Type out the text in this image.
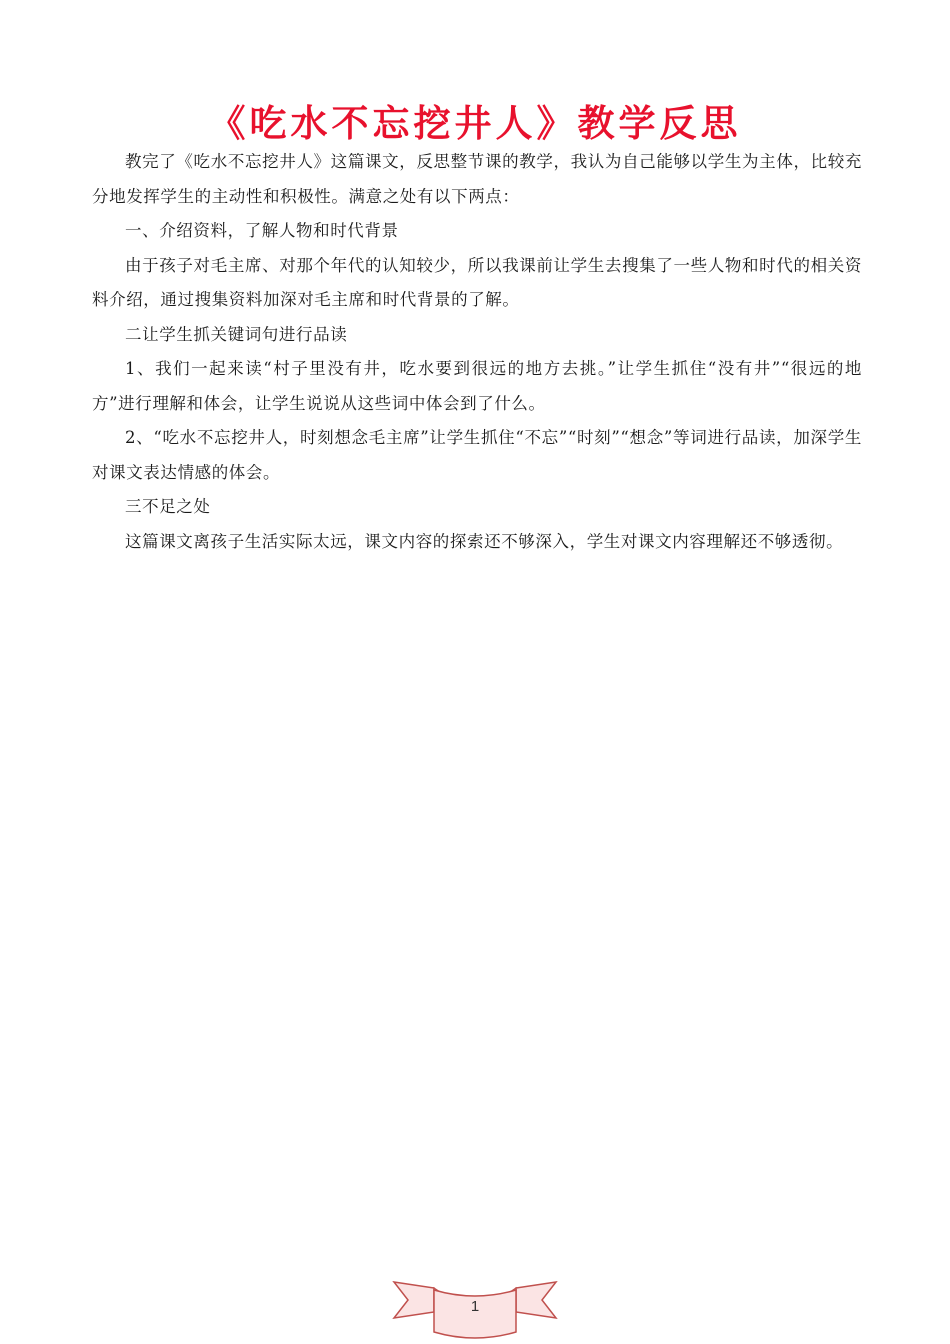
《吃水不忘挖井人》教学反思

教完了《吃水不忘挖井人》这篇课文，反思整节课的教学，我认为自己能够以学生为主体，比较充分地发挥学生的主动性和积极性。满意之处有以下两点：

一、介绍资料，了解人物和时代背景

由于孩子对毛主席、对那个年代的认知较少，所以我课前让学生去搜集了一些人物和时代的相关资料介绍，通过搜集资料加深对毛主席和时代背景的了解。

二让学生抓关键词句进行品读

1、我们一起来读“村子里没有井，吃水要到很远的地方去挑。”让学生抓住“没有井”“很远的地方”进行理解和体会，让学生说说从这些词中体会到了什么。

2、“吃水不忘挖井人，时刻想念毛主席”让学生抓住“不忘”“时刻”“想念”等词进行品读，加深学生对课文表达情感的体会。

三不足之处

这篇课文离孩子生活实际太远，课文内容的探索还不够深入，学生对课文内容理解还不够透彻。

1
